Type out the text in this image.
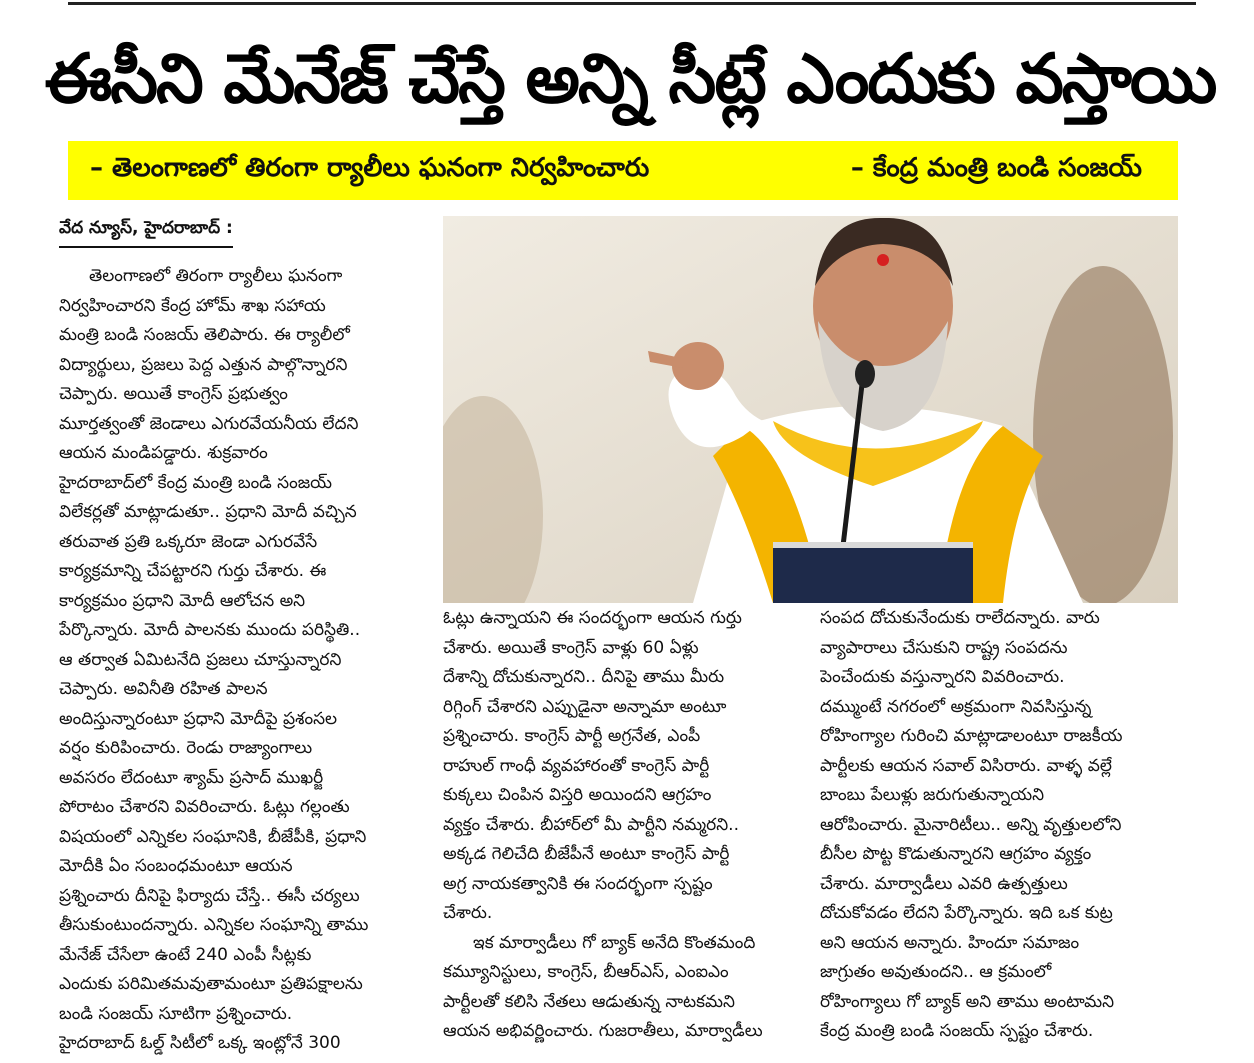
ఈసీని మేనేజ్ చేస్తే అన్ని సీట్లే ఎందుకు వస్తాయి
– తెలంగాణలో తిరంగా ర్యాలీలు ఘనంగా నిర్వహించారు	– కేంద్ర మంత్రి బండి సంజయ్
వేద న్యూస్, హైదరాబాద్ :
తెలంగాణలో తిరంగా ర్యాలీలు ఘనంగా
నిర్వహించారని కేంద్ర హోమ్ శాఖ సహాయ
మంత్రి బండి సంజయ్ తెలిపారు. ఈ ర్యాలీలో
విద్యార్థులు, ప్రజలు పెద్ద ఎత్తున పాల్గొన్నారని
చెప్పారు. అయితే కాంగ్రెస్ ప్రభుత్వం
మూర్తత్వంతో జెండాలు ఎగురవేయనీయ లేదని
ఆయన మండిపడ్డారు. శుక్రవారం
హైదరాబాద్‌లో కేంద్ర మంత్రి బండి సంజయ్
విలేకర్లతో మాట్లాడుతూ.. ప్రధాని మోదీ వచ్చిన
తరువాత ప్రతి ఒక్కరూ జెండా ఎగురవేసే
కార్యక్రమాన్ని చేపట్టారని గుర్తు చేశారు. ఈ
కార్యక్రమం ప్రధాని మోదీ ఆలోచన అని
పేర్కొన్నారు. మోదీ పాలనకు ముందు పరిస్థితి..
ఆ తర్వాత ఏమిటనేది ప్రజలు చూస్తున్నారని
చెప్పారు. అవినీతి రహిత పాలన
అందిస్తున్నారంటూ ప్రధాని మోదీపై ప్రశంసల
వర్షం కురిపించారు. రెండు రాజ్యాంగాలు
అవసరం లేదంటూ శ్యామ్ ప్రసాద్ ముఖర్జీ
పోరాటం చేశారని వివరించారు. ఓట్లు గల్లంతు
విషయంలో ఎన్నికల సంఘానికి, బీజేపీకి, ప్రధాని
మోదీకి ఏం సంబంధమంటూ ఆయన
ప్రశ్నించారు దీనిపై ఫిర్యాదు చేస్తే.. ఈసీ చర్యలు
తీసుకుంటుందన్నారు. ఎన్నికల సంఘాన్ని తాము
మేనేజ్ చేసేలా ఉంటే 240 ఎంపీ సీట్లకు
ఎందుకు పరిమితమవుతామంటూ ప్రతిపక్షాలను
బండి సంజయ్ సూటిగా ప్రశ్నించారు.
హైదరాబాద్ ఓల్డ్ సిటీలో ఒక్క ఇంట్లోనే 300
ఓట్లు ఉన్నాయని ఈ సందర్భంగా ఆయన గుర్తు
చేశారు. అయితే కాంగ్రెస్ వాళ్లు 60 ఏళ్లు
దేశాన్ని దోచుకున్నారని.. దీనిపై తాము మీరు
రిగ్గింగ్ చేశారని ఎప్పుడైనా అన్నామా అంటూ
ప్రశ్నించారు. కాంగ్రెస్ పార్టీ అగ్రనేత, ఎంపీ
రాహుల్ గాంధీ వ్యవహారంతో కాంగ్రెస్ పార్టీ
కుక్కలు చింపిన విస్తరి అయిందని ఆగ్రహం
వ్యక్తం చేశారు. బీహార్‌లో మీ పార్టీని నమ్మరని..
అక్కడ గెలిచేది బీజేపీనే అంటూ కాంగ్రెస్ పార్టీ
అగ్ర నాయకత్వానికి ఈ సందర్భంగా స్పష్టం
చేశారు.
ఇక మార్వాడీలు గో బ్యాక్ అనేది కొంతమంది
కమ్యూనిస్టులు, కాంగ్రెస్, బీఆర్ఎస్, ఎంఐఎం
పార్టీలతో కలిసి నేతలు ఆడుతున్న నాటకమని
ఆయన అభివర్ణించారు. గుజరాతీలు, మార్వాడీలు
సంపద దోచుకునేందుకు రాలేదన్నారు. వారు
వ్యాపారాలు చేసుకుని రాష్ట్ర సంపదను
పెంచేందుకు వస్తున్నారని వివరించారు.
దమ్ముంటే నగరంలో అక్రమంగా నివసిస్తున్న
రోహింగ్యాల గురించి మాట్లాడాలంటూ రాజకీయ
పార్టీలకు ఆయన సవాల్ విసిరారు. వాళ్ళ వల్లే
బాంబు పేలుళ్లు జరుగుతున్నాయని
ఆరోపించారు. మైనారిటీలు.. అన్ని వృత్తులలోని
బీసీల పొట్ట కొడుతున్నారని ఆగ్రహం వ్యక్తం
చేశారు. మార్వాడీలు ఎవరి ఉత్పత్తులు
దోచుకోవడం లేదని పేర్కొన్నారు. ఇది ఒక కుట్ర
అని ఆయన అన్నారు. హిందూ సమాజం
జాగ్రుతం అవుతుందని.. ఆ క్రమంలో
రోహింగ్యాలు గో బ్యాక్ అని తాము అంటామని
కేంద్ర మంత్రి బండి సంజయ్ స్పష్టం చేశారు.
